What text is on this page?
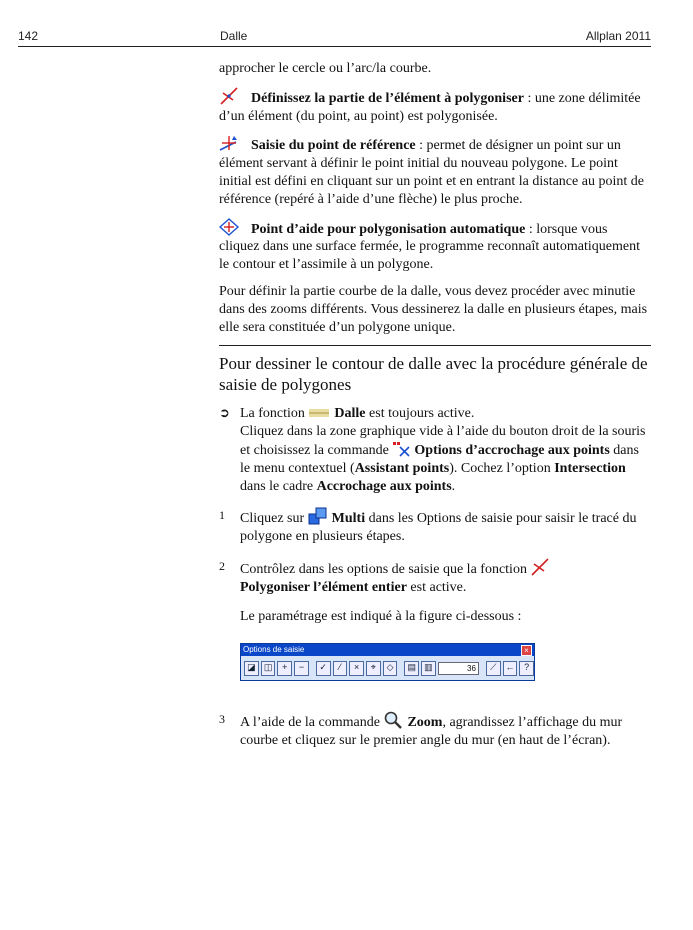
142	Dalle	Allplan 2011

approcher le cercle ou l’arc/la courbe.

Définissez la partie de l’élément à polygoniser : une zone délimitée d’un élément (du point, au point) est polygonisée.

Saisie du point de référence : permet de désigner un point sur un élément servant à définir le point initial du nouveau polygone. Le point initial est défini en cliquant sur un point et en entrant la distance au point de référence (repéré à l’aide d’une flèche) le plus proche.

Point d’aide pour polygonisation automatique : lorsque vous cliquez dans une surface fermée, le programme reconnaît automatiquement le contour et l’assimile à un polygone.

Pour définir la partie courbe de la dalle, vous devez procéder avec minutie dans des zooms différents. Vous dessinerez la dalle en plusieurs étapes, mais elle sera constituée d’un polygone unique.

Pour dessiner le contour de dalle avec la procédure générale de saisie de polygones
➲ La fonction Dalle est toujours active.
Cliquez dans la zone graphique vide à l’aide du bouton droit de la souris et choisissez la commande Options d’accrochage aux points dans le menu contextuel (Assistant points). Cochez l’option Intersection dans le cadre Accrochage aux points.
1	Cliquez sur Multi dans les Options de saisie pour saisir le tracé du polygone en plusieurs étapes.
2	Contrôlez dans les options de saisie que la fonction
Polygoniser l’élément entier est active.
Le paramétrage est indiqué à la figure ci-dessous :
Options de saisie	×
◪ ◫	+	−	✓	⁄	×	⌖	◇	▤ ▥	36	⟋	←	?
3	A l’aide de la commande Zoom, agrandissez l’affichage du mur courbe et cliquez sur le premier angle du mur (en haut de l’écran).
